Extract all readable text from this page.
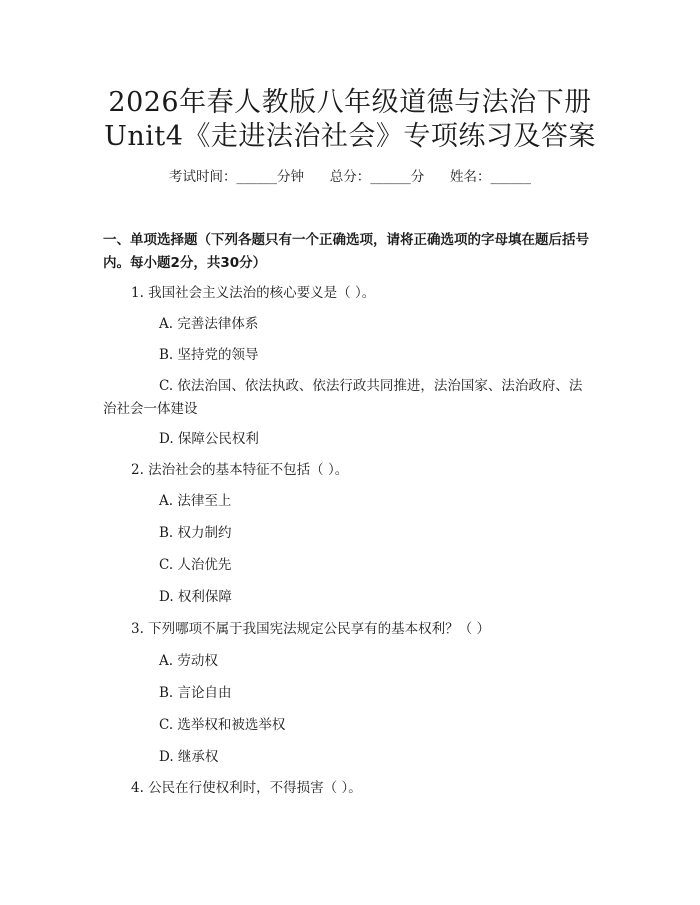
2026年春人教版八年级道德与法治下册
Unit4《走进法治社会》专项练习及答案
考试时间：______分钟      总分：______分      姓名：______
一、单项选择题（下列各题只有一个正确选项，请将正确选项的字母填在题后括号内。每小题2分，共30分）
1. 我国社会主义法治的核心要义是（ ）。
A. 完善法律体系
B. 坚持党的领导
C. 依法治国、依法执政、依法行政共同推进，法治国家、法治政府、法
治社会一体建设
D. 保障公民权利
2. 法治社会的基本特征不包括（ ）。
A. 法律至上
B. 权力制约
C. 人治优先
D. 权利保障
3. 下列哪项不属于我国宪法规定公民享有的基本权利？（ ）
A. 劳动权
B. 言论自由
C. 选举权和被选举权
D. 继承权
4. 公民在行使权利时，不得损害（ ）。
